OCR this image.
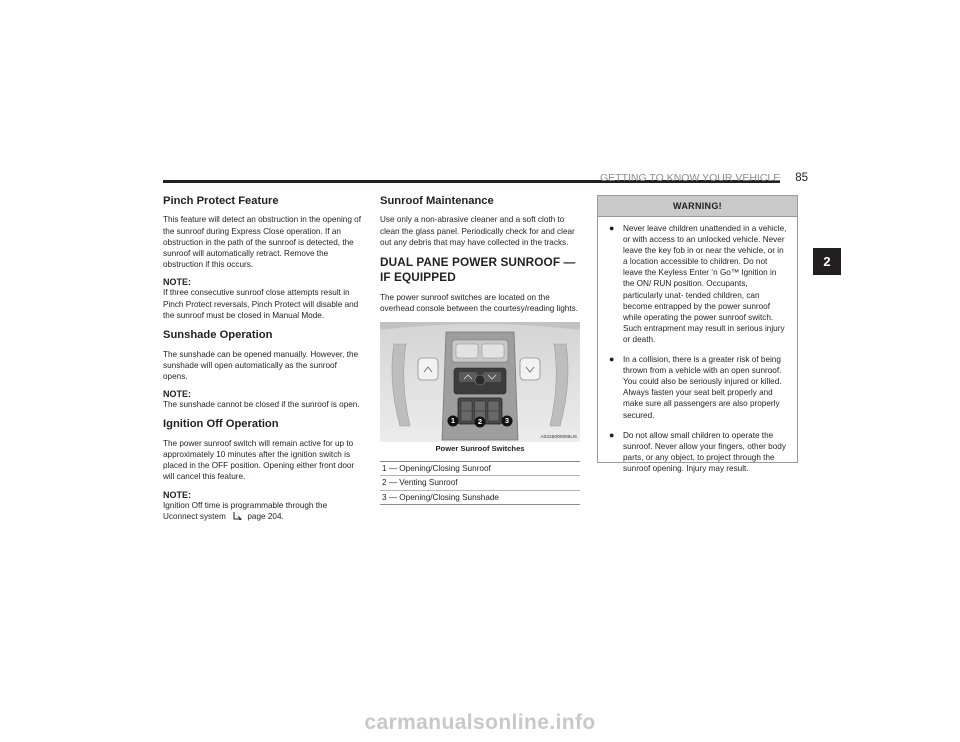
GETTING TO KNOW YOUR VEHICLE 85
2
Pinch Protect Feature

This feature will detect an obstruction in the opening of the sunroof during Express Close operation. If an obstruction in the path of the sunroof is detected, the sunroof will automatically retract. Remove the obstruction if this occurs.

NOTE:

If three consecutive sunroof close attempts result in Pinch Protect reversals, Pinch Protect will disable and the sunroof must be closed in Manual Mode.

Sunshade Operation

The sunshade can be opened manually. However, the sunshade will open automatically as the sunroof opens.

NOTE:

The sunshade cannot be closed if the sunroof is open.

Ignition Off Operation

The power sunroof switch will remain active for up to approximately 10 minutes after the ignition switch is placed in the OFF position. Opening either front door will cancel this feature.

NOTE:

Ignition Off time is programmable through the Uconnect system	page 204.

Sunroof Maintenance

Use only a non-abrasive cleaner and a soft cloth to clean the glass panel. Periodically check for and clear out any debris that may have collected in the tracks.

DUAL PANE POWER SUNROOF —
IF EQUIPPED

The power sunroof switches are located on the overhead console between the courtesy/reading lights.

1	2	3
A0225000809US
Power Sunroof Switches
1 — Opening/Closing Sunroof
2 — Venting Sunroof
3 — Opening/Closing Sunshade
WARNING!
● Never leave children unattended in a vehicle, or with access to an unlocked vehicle. Never leave the key fob in or near the vehicle, or in a location accessible to children. Do not leave the Keyless Enter ‘n Go™ Ignition in the ON/ RUN position. Occupants, particularly unat- tended children, can become entrapped by the power sunroof while operating the power sunroof switch. Such entrapment may result in serious injury or death.
● In a collision, there is a greater risk of being thrown from a vehicle with an open sunroof. You could also be seriously injured or killed. Always fasten your seat belt properly and make sure all passengers are also properly secured.
● Do not allow small children to operate the sunroof. Never allow your fingers, other body parts, or any object, to project through the sunroof opening. Injury may result.
carmanualsonline.info
